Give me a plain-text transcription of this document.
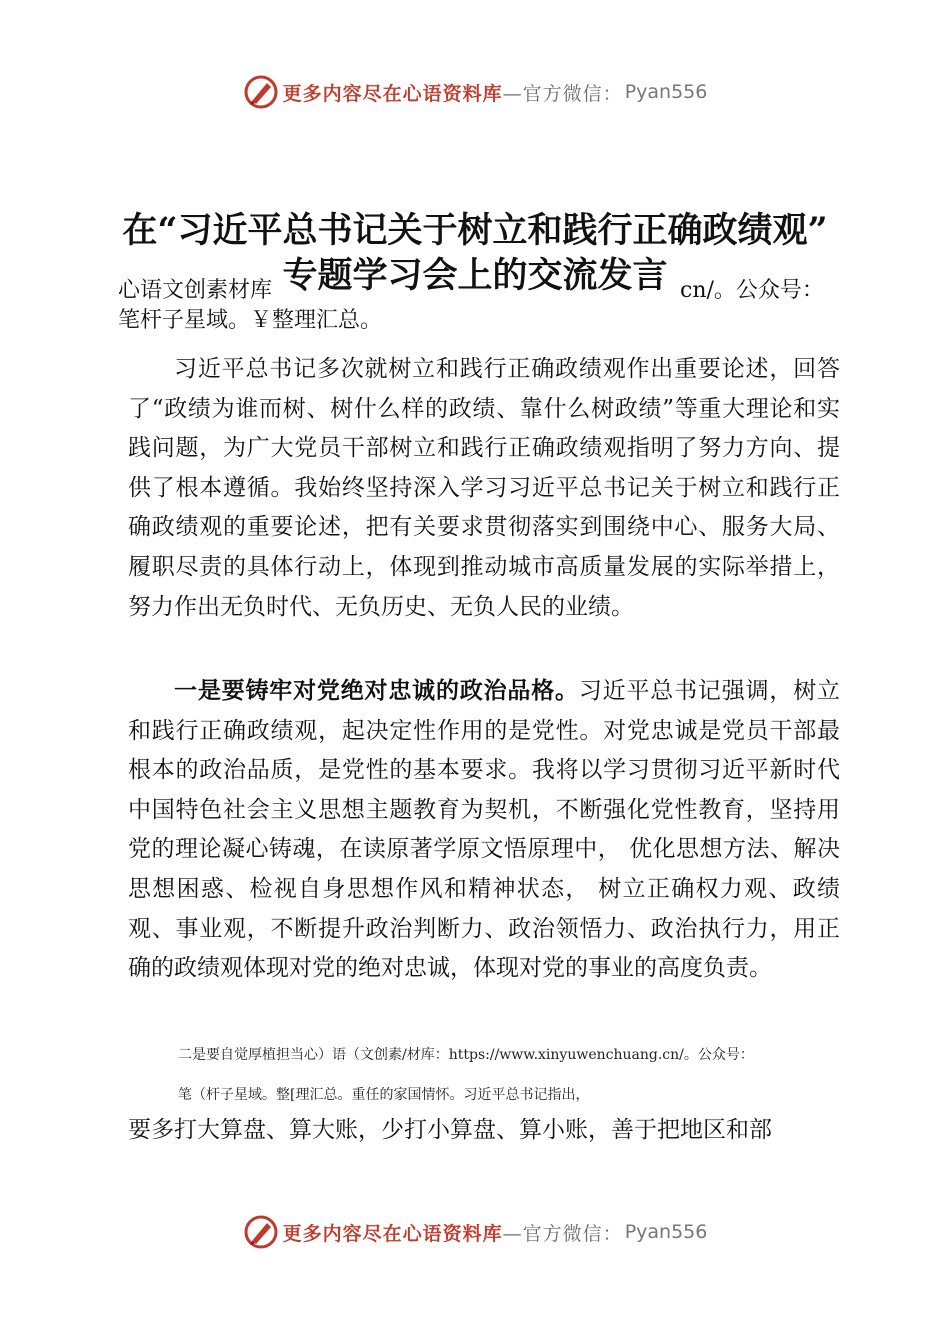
更多内容尽在心语资料库—官方微信： Pyan556
在“习近平总书记关于树立和践行正确政绩观”
专题学习会上的交流发言

心语文创素材库	cn/。公众号：

笔杆子星域。￥整理汇总。

习近平总书记多次就树立和践行正确政绩观作出重要论述，回答了“政绩为谁而树、树什么样的政绩、靠什么树政绩”等重大理论和实践问题，为广大党员干部树立和践行正确政绩观指明了努力方向、提供了根本遵循。我始终坚持深入学习习近平总书记关于树立和践行正确政绩观的重要论述，把有关要求贯彻落实到围绕中心、服务大局、履职尽责的具体行动上，体现到推动城市高质量发展的实际举措上，努力作出无负时代、无负历史、无负人民的业绩。

一是要铸牢对党绝对忠诚的政治品格。习近平总书记强调，树立和践行正确政绩观，起决定性作用的是党性。对党忠诚是党员干部最根本的政治品质，是党性的基本要求。我将以学习贯彻习近平新时代中国特色社会主义思想主题教育为契机，不断强化党性教育，坚持用党的理论凝心铸魂，在读原著学原文悟原理中， 优化思想方法、解决思想困惑、检视自身思想作风和精神状态， 树立正确权力观、政绩观、事业观，不断提升政治判断力、政治领悟力、政治执行力，用正确的政绩观体现对党的绝对忠诚，体现对党的事业的高度负责。

二是要自觉厚植担当心）语（文创素/材库：https://www.xinyuwenchuang.cn/。公众号：

笔（杆子星域。整[理汇总。重任的家国情怀。习近平总书记指出，

要多打大算盘、算大账，少打小算盘、算小账，善于把地区和部

更多内容尽在心语资料库—官方微信： Pyan556
